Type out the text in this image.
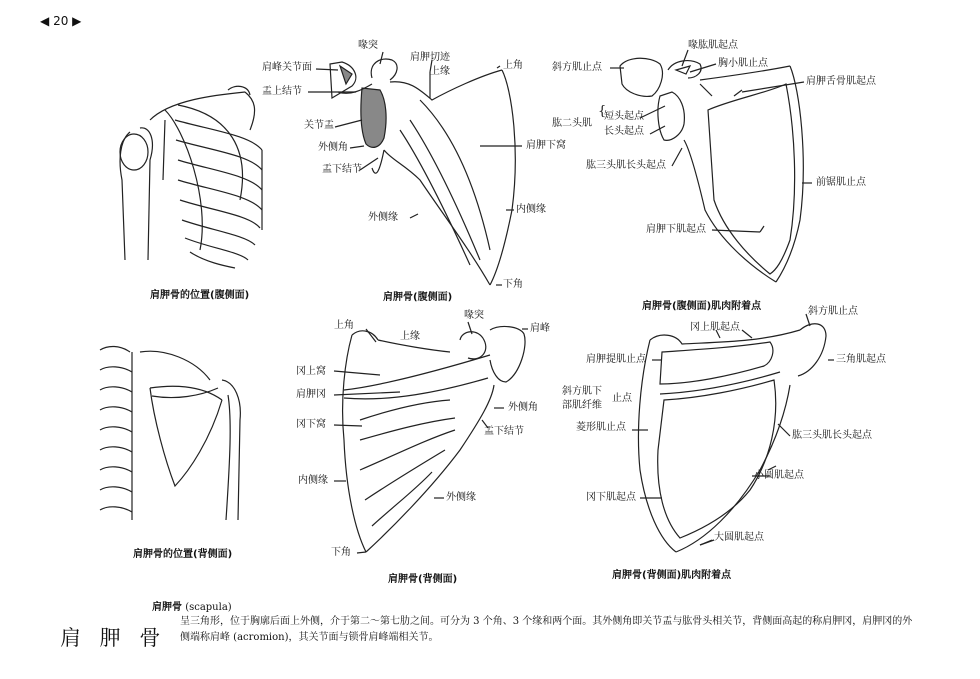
◀ 20 ▶
肩胛骨的位置(腹侧面)	肩胛骨(腹侧面)
肩胛骨(腹侧面)肌肉附着点
肩胛骨的位置(背侧面)
肩胛骨(背侧面)	肩胛骨(背侧面)肌肉附着点
喙突
肩胛切迹
上缘
上角
肩峰关节面
盂上结节
关节盂
外侧角	肩胛下窝
盂下结节
内侧缘
外侧缘
下角
喙肱肌起点
斜方肌止点	胸小肌止点
肩胛舌骨肌起点
肱二头肌
{
短头起点
长头起点
肱三头肌长头起点
前锯肌止点
肩胛下肌起点
上角
喙突
肩峰
上缘
冈上窝
肩胛冈
外侧角
冈下窝
盂下结节
内侧缘
外侧缘
下角
斜方肌止点
冈上肌起点
肩胛提肌止点	三角肌起点
斜方肌下
止点
部肌纤维
菱形肌止点
肱三头肌长头起点
小圆肌起点
冈下肌起点
大圆肌起点
肩胛骨 (scapula)
呈三角形，位于胸廓后面上外侧，介于第二～第七肋之间。可分为 3 个角、3 个缘和两个面。其外侧角即关节盂与肱骨头相关节，背侧面高起的称肩胛冈，肩胛冈的外侧端称肩峰 (acromion)，其关节面与锁骨肩峰端相关节。
肩 胛 骨
